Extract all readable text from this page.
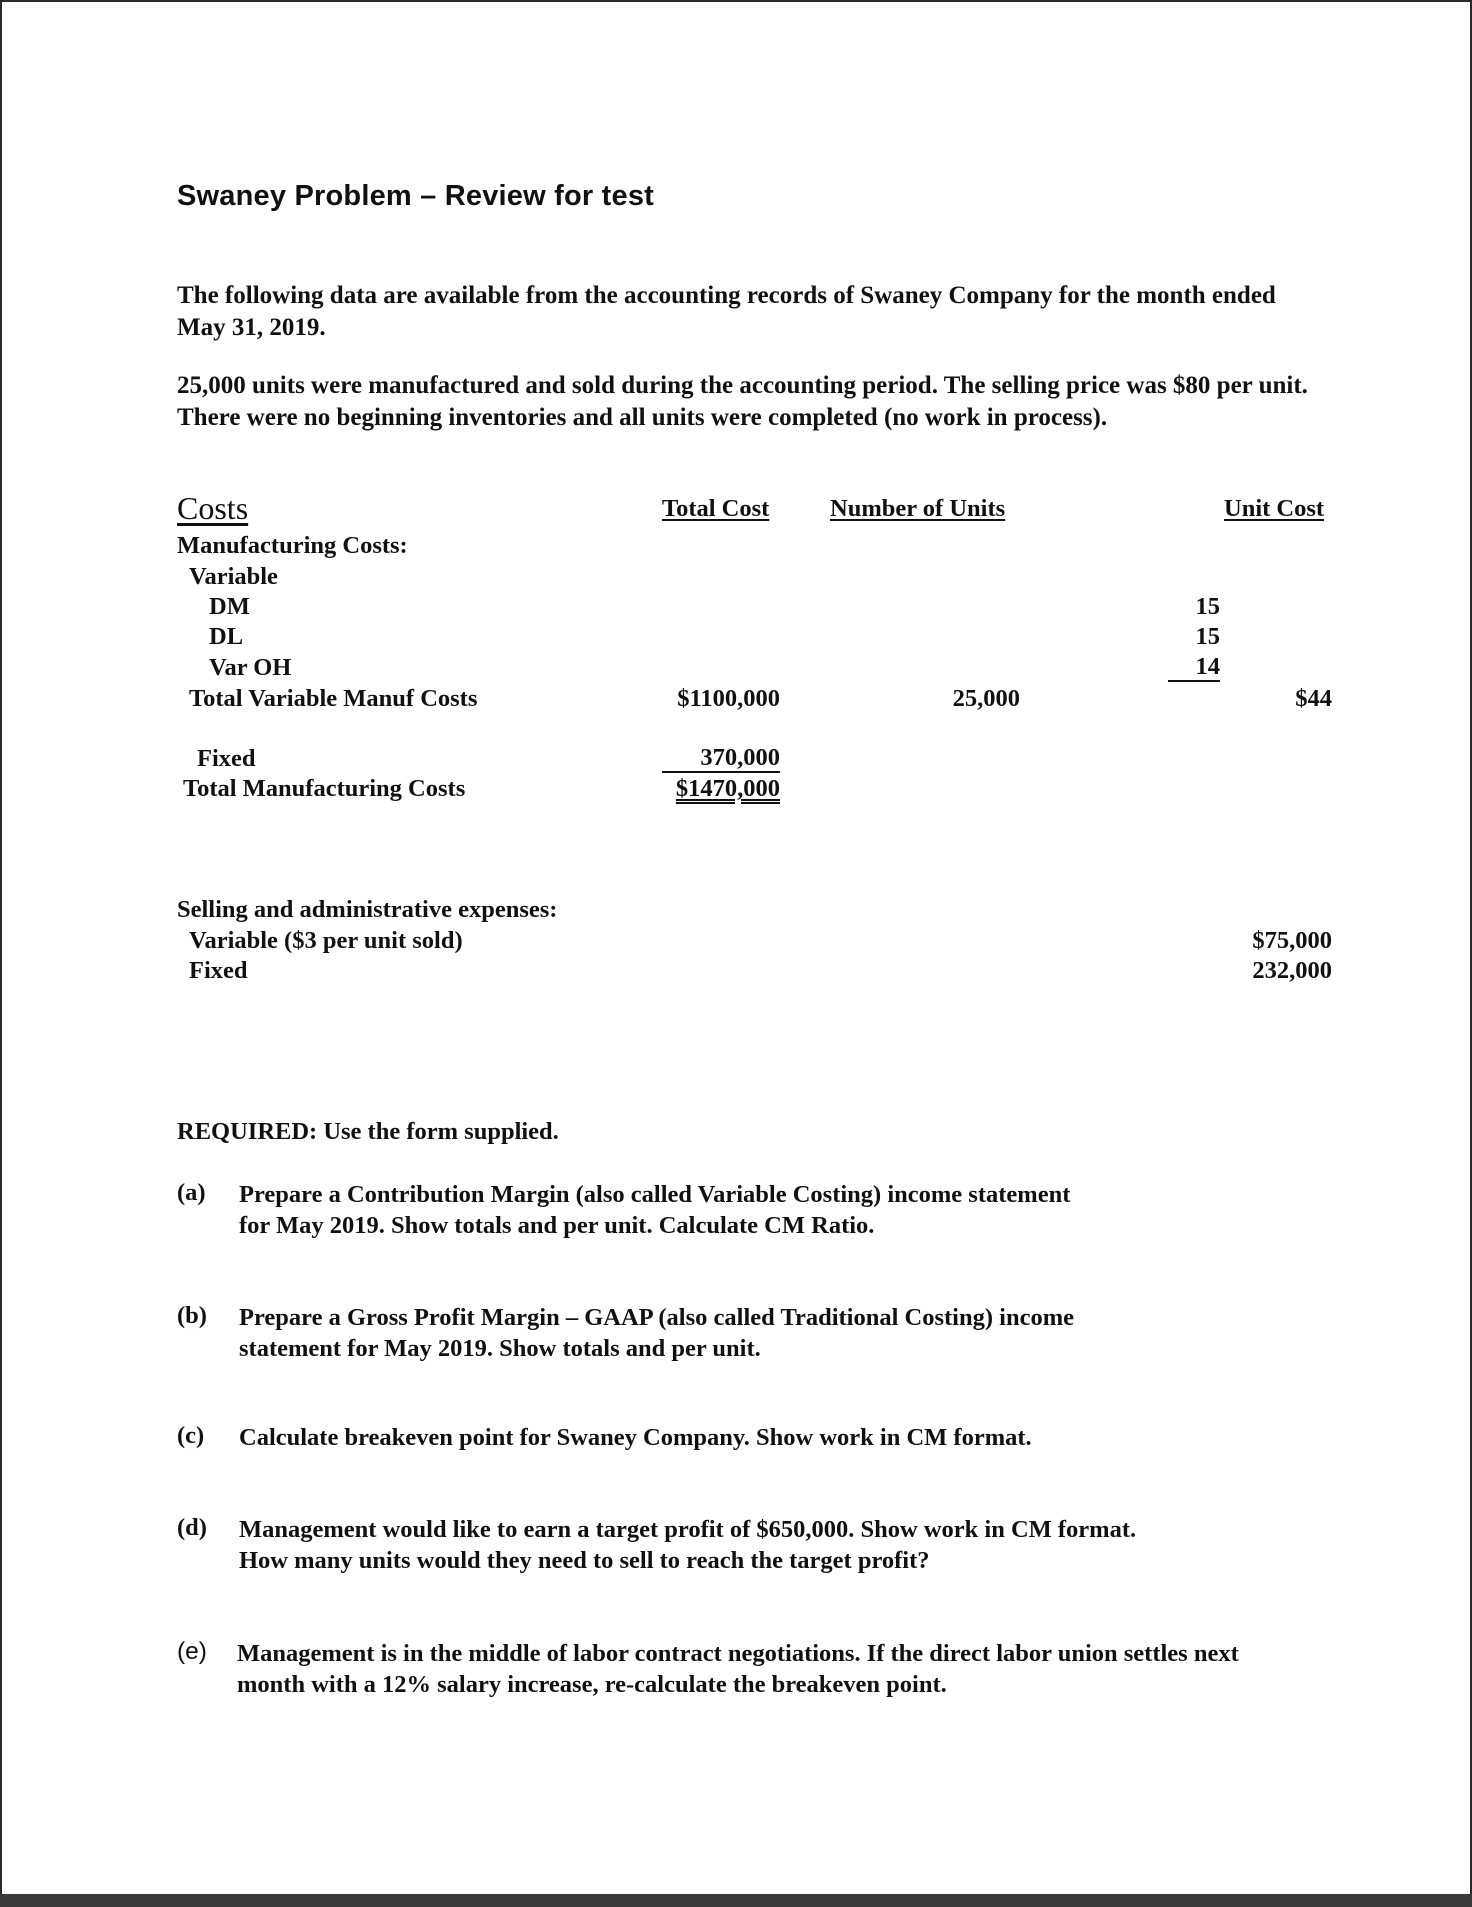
Swaney Problem – Review for test
The following data are available from the accounting records of Swaney Company for the month ended May 31, 2019.
25,000 units were manufactured and sold during the accounting period. The selling price was $80 per unit. There were no beginning inventories and all units were completed (no work in process).
Costs	Total Cost Number of Units	Unit Cost
Manufacturing Costs:
Variable
DM	15
DL	15
Var OH	14
Total Variable Manuf Costs	$1100,000	25,000	$44
Fixed	370,000
Total Manufacturing Costs	$1470,000
Selling and administrative expenses:
Variable ($3 per unit sold)	$75,000
Fixed	232,000
REQUIRED: Use the form supplied.
(a) Prepare a Contribution Margin (also called Variable Costing) income statement for May 2019. Show totals and per unit. Calculate CM Ratio.
(b) Prepare a Gross Profit Margin – GAAP (also called Traditional Costing) income statement for May 2019. Show totals and per unit.
(c) Calculate breakeven point for Swaney Company. Show work in CM format.
(d) Management would like to earn a target profit of $650,000. Show work in CM format. How many units would they need to sell to reach the target profit?
(e) Management is in the middle of labor contract negotiations. If the direct labor union settles next month with a 12% salary increase, re-calculate the breakeven point.
